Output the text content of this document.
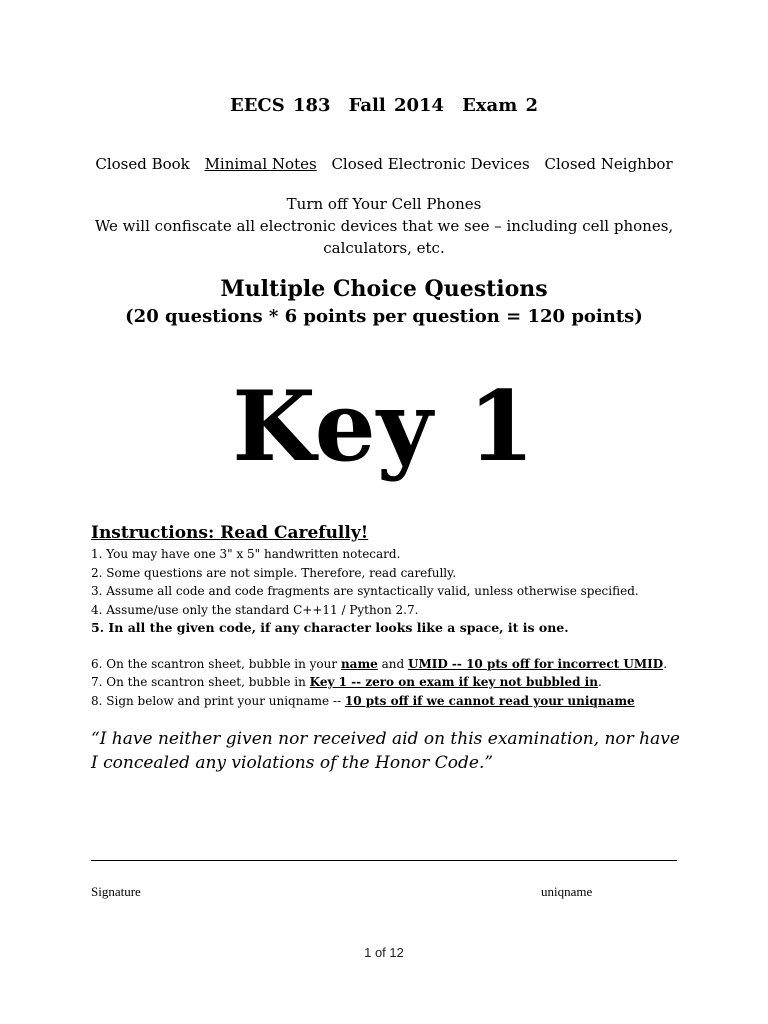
EECS 183 Fall 2014 Exam 2
Closed Book Minimal Notes Closed Electronic Devices Closed Neighbor
Turn off Your Cell Phones
We will confiscate all electronic devices that we see – including cell phones,
calculators, etc.
Multiple Choice Questions
(20 questions * 6 points per question = 120 points)
Key 1
Instructions: Read Carefully!
1. You may have one 3" x 5" handwritten notecard.
2. Some questions are not simple. Therefore, read carefully.
3. Assume all code and code fragments are syntactically valid, unless otherwise specified.
4. Assume/use only the standard C++11 / Python 2.7.
5. In all the given code, if any character looks like a space, it is one.
6. On the scantron sheet, bubble in your name and UMID -- 10 pts off for incorrect UMID.
7. On the scantron sheet, bubble in Key 1 -- zero on exam if key not bubbled in.
8. Sign below and print your uniqname -- 10 pts off if we cannot read your uniqname
“I have neither given nor received aid on this examination, nor have I concealed any violations of the Honor Code.”
Signature	uniqname
1 of 12
